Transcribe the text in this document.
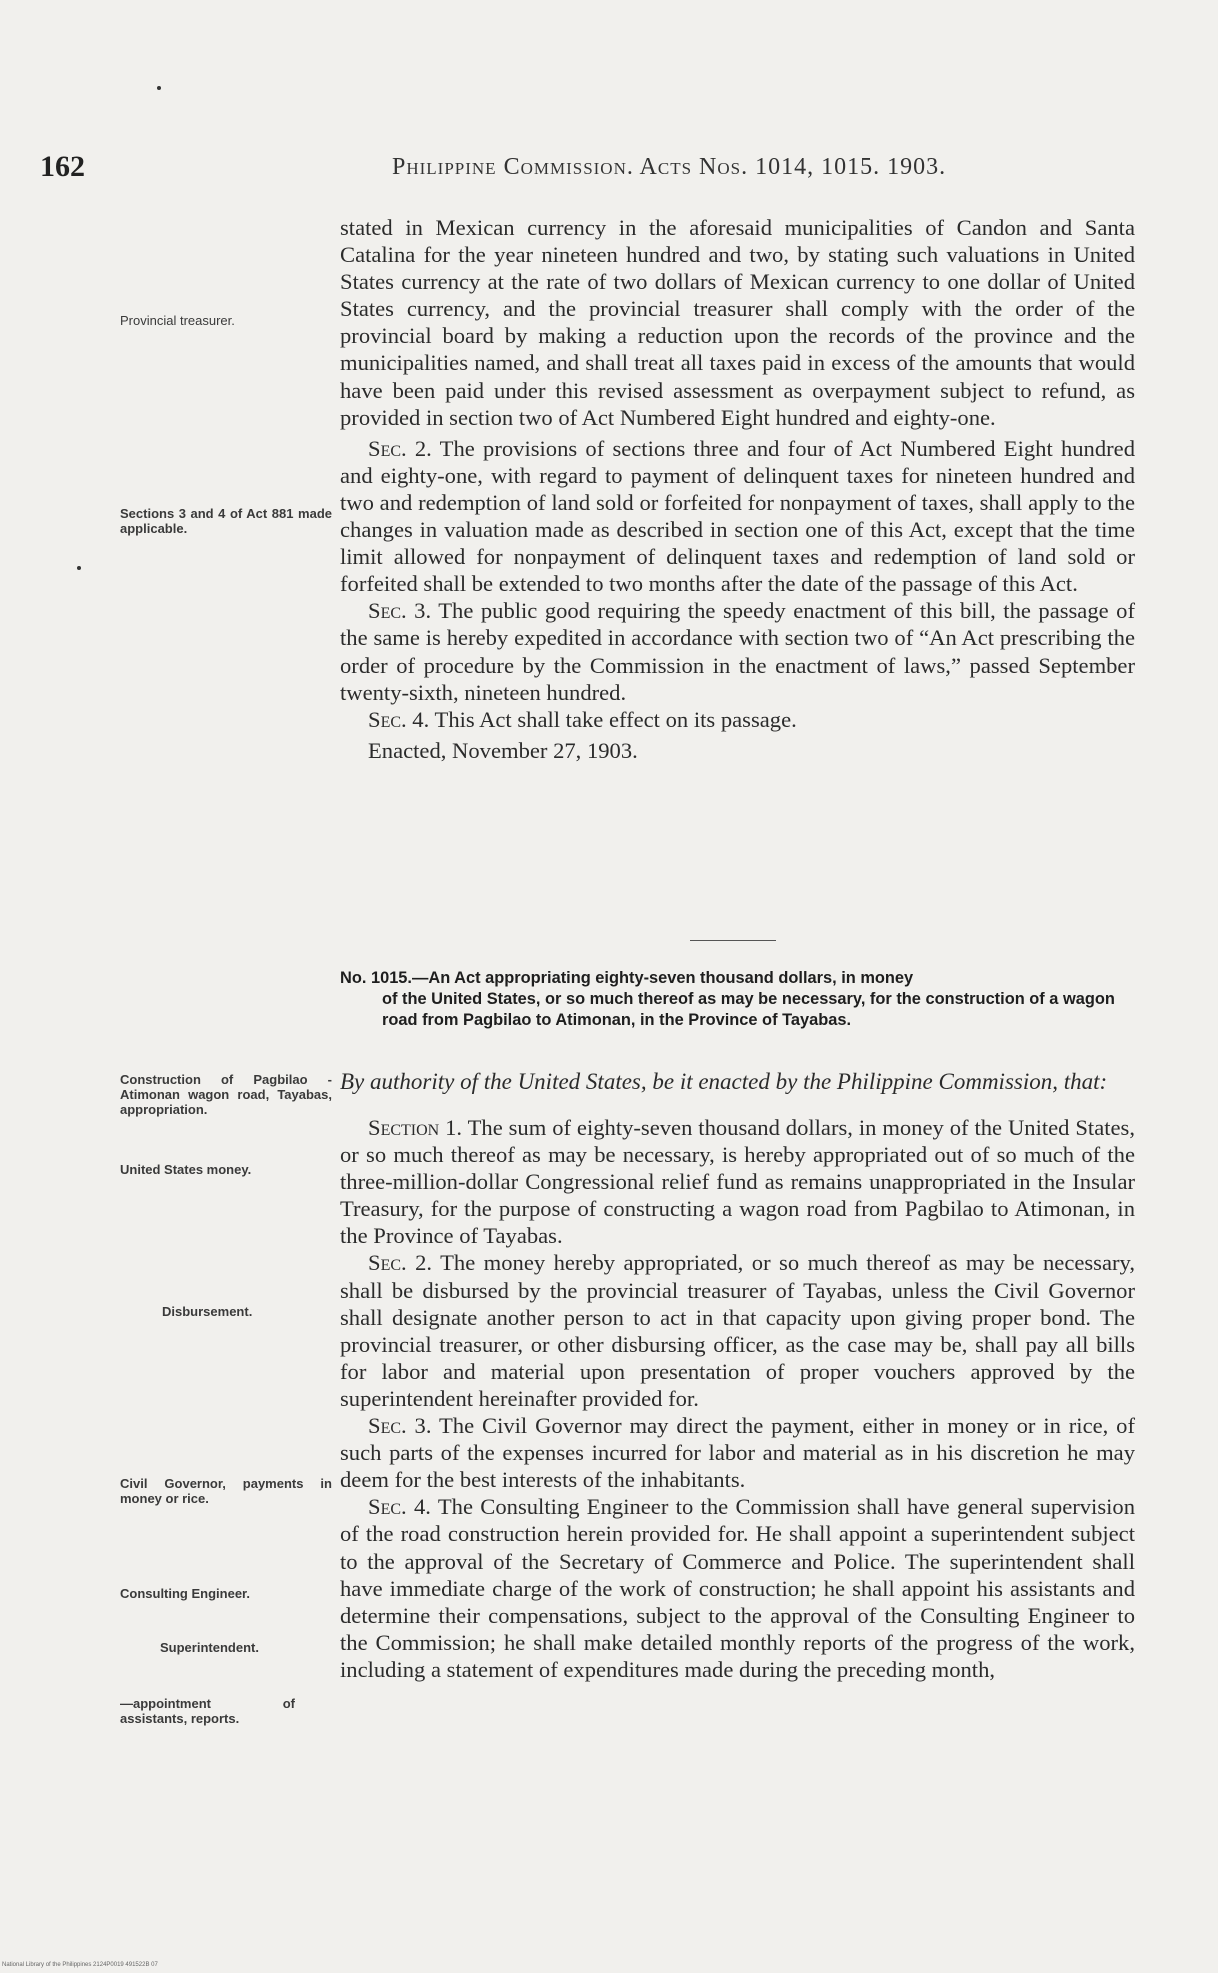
162	Philippine Commission. Acts Nos. 1014, 1015. 1903.
Provincial treasurer.
Sections 3 and 4 of Act 881 made applicable.
Construction of Pagbilao - Atimonan wagon road, Tayabas, appropriation.
United States money.
Disbursement.
Civil Governor, payments in money or rice.
Consulting Engineer.
Superintendent.
—appointment of assistants, reports.

stated in Mexican currency in the aforesaid municipalities of Candon and Santa Catalina for the year nineteen hundred and two, by stating such valuations in United States currency at the rate of two dollars of Mexican currency to one dollar of United States currency, and the provincial treasurer shall comply with the order of the provincial board by making a reduction upon the records of the province and the municipalities named, and shall treat all taxes paid in excess of the amounts that would have been paid under this revised assessment as overpayment subject to refund, as provided in section two of Act Numbered Eight hundred and eighty-one.

Sec. 2. The provisions of sections three and four of Act Numbered Eight hundred and eighty-one, with regard to payment of delinquent taxes for nineteen hundred and two and redemption of land sold or forfeited for nonpayment of taxes, shall apply to the changes in valuation made as described in section one of this Act, except that the time limit allowed for nonpayment of delinquent taxes and redemption of land sold or forfeited shall be extended to two months after the date of the passage of this Act.

Sec. 3. The public good requiring the speedy enactment of this bill, the passage of the same is hereby expedited in accordance with section two of “An Act prescribing the order of procedure by the Commission in the enactment of laws,” passed September twenty-sixth, nineteen hundred.

Sec. 4. This Act shall take effect on its passage.

Enacted, November 27, 1903.

No. 1015.—An Act appropriating eighty-seven thousand dollars, in money
of the United States, or so much thereof as may be necessary, for the construction of a wagon road from Pagbilao to Atimonan, in the Province of Tayabas.

By authority of the United States, be it enacted by the Philippine Commission, that:

Section 1. The sum of eighty-seven thousand dollars, in money of the United States, or so much thereof as may be necessary, is hereby appropriated out of so much of the three-million-dollar Congressional relief fund as remains unappropriated in the Insular Treasury, for the purpose of constructing a wagon road from Pagbilao to Atimonan, in the Province of Tayabas.

Sec. 2. The money hereby appropriated, or so much thereof as may be necessary, shall be disbursed by the provincial treasurer of Tayabas, unless the Civil Governor shall designate another person to act in that capacity upon giving proper bond. The provincial treasurer, or other disbursing officer, as the case may be, shall pay all bills for labor and material upon presentation of proper vouchers approved by the superintendent hereinafter provided for.

Sec. 3. The Civil Governor may direct the payment, either in money or in rice, of such parts of the expenses incurred for labor and material as in his discretion he may deem for the best interests of the inhabitants.

Sec. 4. The Consulting Engineer to the Commission shall have general supervision of the road construction herein provided for. He shall appoint a superintendent subject to the approval of the Secretary of Commerce and Police. The superintendent shall have immediate charge of the work of construction; he shall appoint his assistants and determine their compensations, subject to the approval of the Consulting Engineer to the Commission; he shall make detailed monthly reports of the progress of the work, including a statement of expenditures made during the preceding month,

National Library of the Philippines 2124P0019 491522B 07
